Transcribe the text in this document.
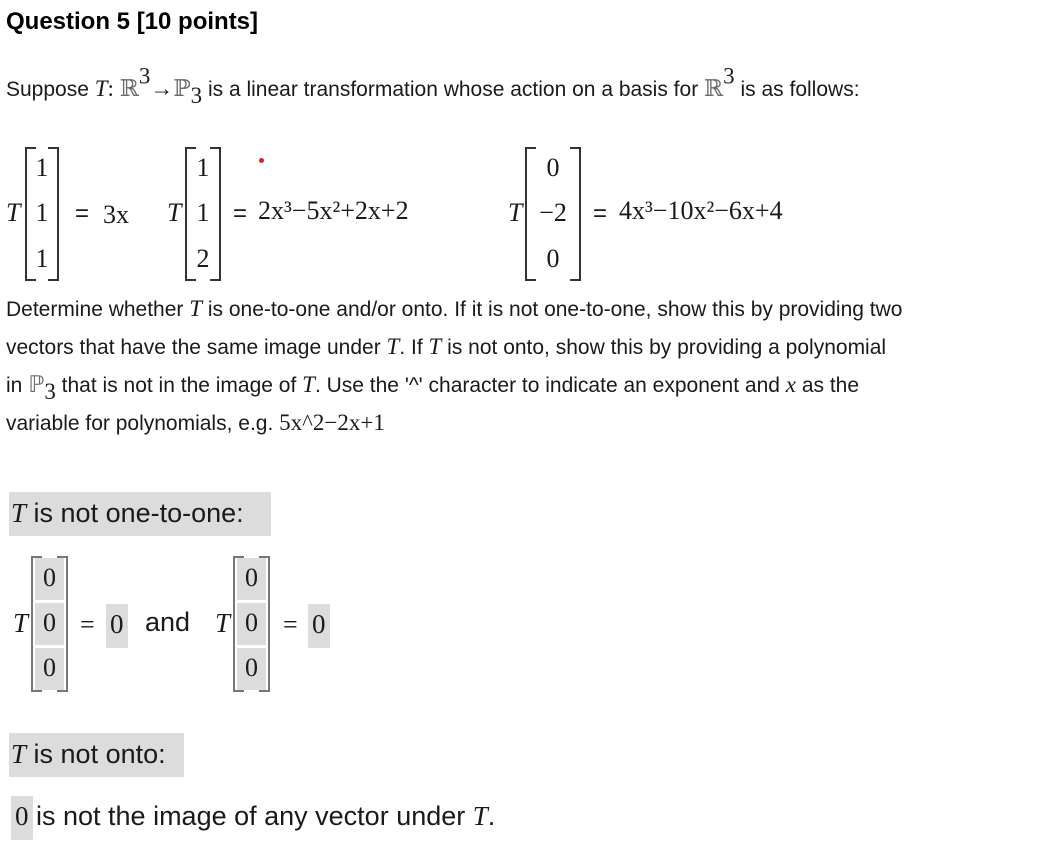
Question 5 [10 points]
Suppose T: ℝ$^3$→ℙ$_3$ is a linear transformation whose action on a basis for ℝ$^3$ is as follows:
T
1
1
1
= 3x T
1
1
2
= 2x³−5x²+2x+2	T
0
−2
0
= 4x³−10x²−6x+4
Determine whether T is one-to-one and/or onto. If it is not one-to-one, show this by providing two
vectors that have the same image under T. If T is not onto, show this by providing a polynomial
in ℙ$_3$ that is not in the image of T. Use the '^' character to indicate an exponent and x as the
variable for polynomials, e.g. 5x^2−2x+1
T is not one-to-one:
T
0
0
0
= 0 and T
0
0
0
= 0
T is not onto:
0 is not the image of any vector under T.
